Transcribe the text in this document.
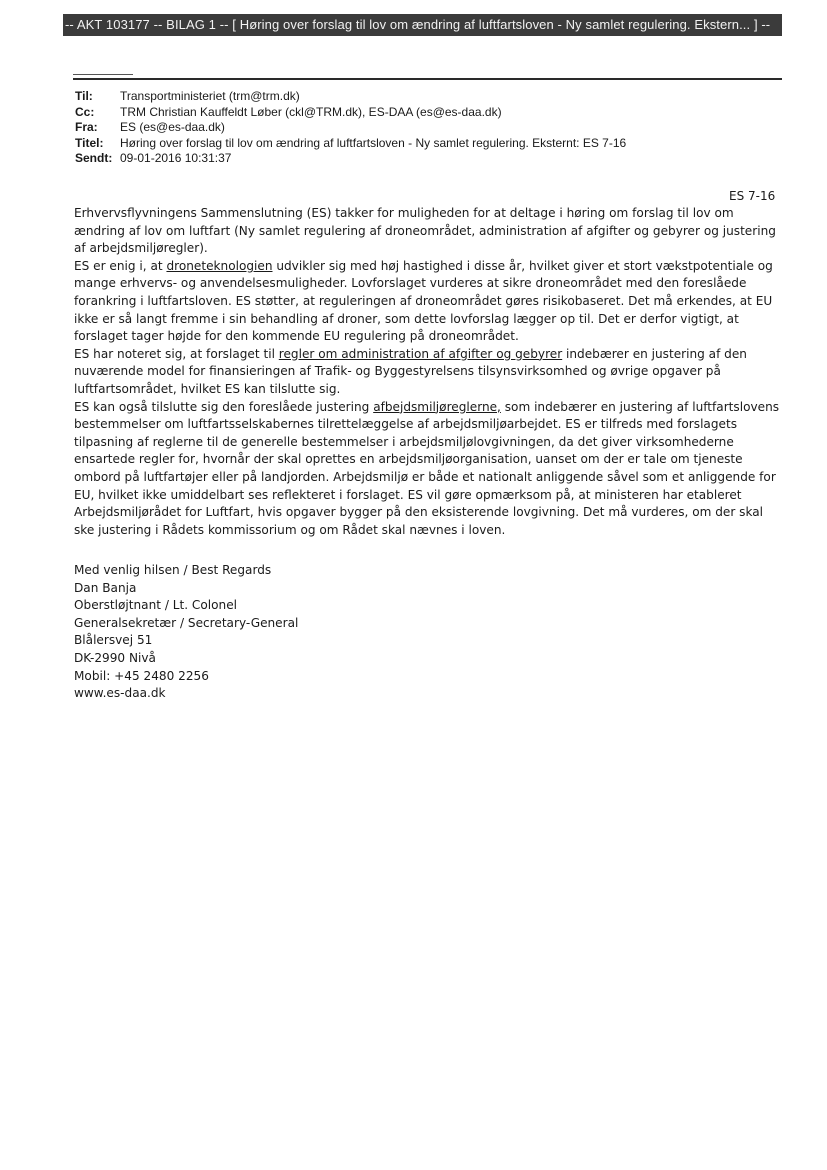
-- AKT 103177 -- BILAG 1 -- [ Høring over forslag til lov om ændring af luftfartsloven - Ny samlet regulering. Ekstern... ] --
Til:	Transportministeriet (trm@trm.dk)
Cc:	TRM Christian Kauffeldt Løber (ckl@TRM.dk), ES-DAA (es@es-daa.dk)
Fra:	ES (es@es-daa.dk)
Titel:	Høring over forslag til lov om ændring af luftfartsloven - Ny samlet regulering. Eksternt: ES 7-16
Sendt: 09-01-2016 10:31:37
ES 7-16

Erhvervsflyvningens Sammenslutning (ES) takker for muligheden for at deltage i høring om forslag til lov om ændring af lov om luftfart (Ny samlet regulering af droneområdet, administration af afgifter og gebyrer og justering af arbejdsmiljøregler).

ES er enig i, at droneteknologien udvikler sig med høj hastighed i disse år, hvilket giver et stort vækstpotentiale og mange erhvervs- og anvendelsesmuligheder. Lovforslaget vurderes at sikre droneområdet med den foreslåede forankring i luftfartsloven. ES støtter, at reguleringen af droneområdet gøres risikobaseret. Det må erkendes, at EU ikke er så langt fremme i sin behandling af droner, som dette lovforslag lægger op til. Det er derfor vigtigt, at forslaget tager højde for den kommende EU regulering på droneområdet.

ES har noteret sig, at forslaget til regler om administration af afgifter og gebyrer indebærer en justering af den nuværende model for finansieringen af Trafik- og Byggestyrelsens tilsynsvirksomhed og øvrige opgaver på luftfartsområdet, hvilket ES kan tilslutte sig.

ES kan også tilslutte sig den foreslåede justering afbejdsmiljøreglerne, som indebærer en justering af luftfartslovens bestemmelser om luftfartsselskabernes tilrettelæggelse af arbejdsmiljøarbejdet. ES er tilfreds med forslagets tilpasning af reglerne til de generelle bestemmelser i arbejdsmiljølovgivningen, da det giver virksomhederne ensartede regler for, hvornår der skal oprettes en arbejdsmiljøorganisation, uanset om der er tale om tjeneste ombord på luftfartøjer eller på landjorden. Arbejdsmiljø er både et nationalt anliggende såvel som et anliggende for EU, hvilket ikke umiddelbart ses reflekteret i forslaget. ES vil gøre opmærksom på, at ministeren har etableret Arbejdsmiljørådet for Luftfart, hvis opgaver bygger på den eksisterende lovgivning. Det må vurderes, om der skal ske justering i Rådets kommissorium og om Rådet skal nævnes i loven.

Med venlig hilsen / Best Regards
Dan Banja
Oberstløjtnant / Lt. Colonel
Generalsekretær / Secretary-General
Blålersvej 51
DK-2990 Nivå
Mobil: +45 2480 2256
www.es-daa.dk
